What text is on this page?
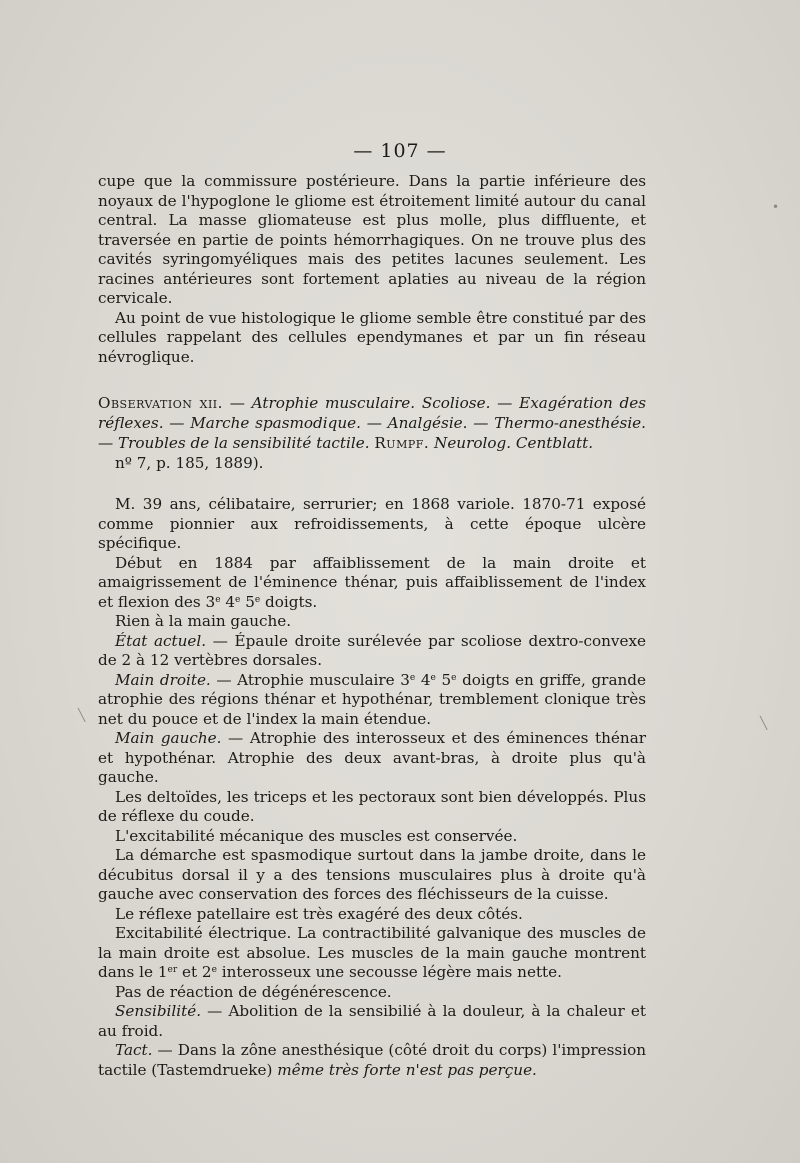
— 107 —

cupe que la commissure postérieure. Dans la partie inférieure des noyaux de l'hypoglone le gliome est étroitement limité autour du canal central. La masse gliomateuse est plus molle, plus diffluente, et traversée en partie de points hémorrhagiques. On ne trouve plus des cavités syringomyéliques mais des petites lacunes seulement. Les racines antérieures sont fortement aplaties au niveau de la région cervicale.

Au point de vue histologique le gliome semble être constitué par des cellules rappelant des cellules ependymanes et par un fin réseau névroglique.

Observation xii. — Atrophie musculaire. Scoliose. — Exagération des réflexes. — Marche spasmodique. — Analgésie. — Thermo-anesthésie. — Troubles de la sensibilité tactile. Rumpf. Neurolog. Centblatt.
nº 7, p. 185, 1889).

M. 39 ans, célibataire, serrurier; en 1868 variole. 1870-71 exposé comme pionnier aux refroidissements, à cette époque ulcère spécifique.

Début en 1884 par affaiblissement de la main droite et amaigrissement de l'éminence thénar, puis affaiblissement de l'index et flexion des 3e 4e 5e doigts.

Rien à la main gauche.

État actuel. — Épaule droite surélevée par scoliose dextro-convexe de 2 à 12 vertèbres dorsales.

Main droite. — Atrophie musculaire 3e 4e 5e doigts en griffe, grande atrophie des régions thénar et hypothénar, tremblement clonique très net du pouce et de l'index la main étendue.

Main gauche. — Atrophie des interosseux et des éminences thénar et hypothénar. Atrophie des deux avant-bras, à droite plus qu'à gauche.

Les deltoïdes, les triceps et les pectoraux sont bien développés. Plus de réflexe du coude.

L'excitabilité mécanique des muscles est conservée.

La démarche est spasmodique surtout dans la jambe droite, dans le décubitus dorsal il y a des tensions musculaires plus à droite qu'à gauche avec conservation des forces des fléchisseurs de la cuisse.

Le réflexe patellaire est très exagéré des deux côtés.

Excitabilité électrique. La contractibilité galvanique des muscles de la main droite est absolue. Les muscles de la main gauche montrent dans le 1er et 2e interosseux une secousse légère mais nette.

Pas de réaction de dégénérescence.

Sensibilité. — Abolition de la sensibilié à la douleur, à la chaleur et au froid.

Tact. — Dans la zône anesthésique (côté droit du corps) l'impression tactile (Tastemdrueke) même très forte n'est pas perçue.

•
╲
╲
